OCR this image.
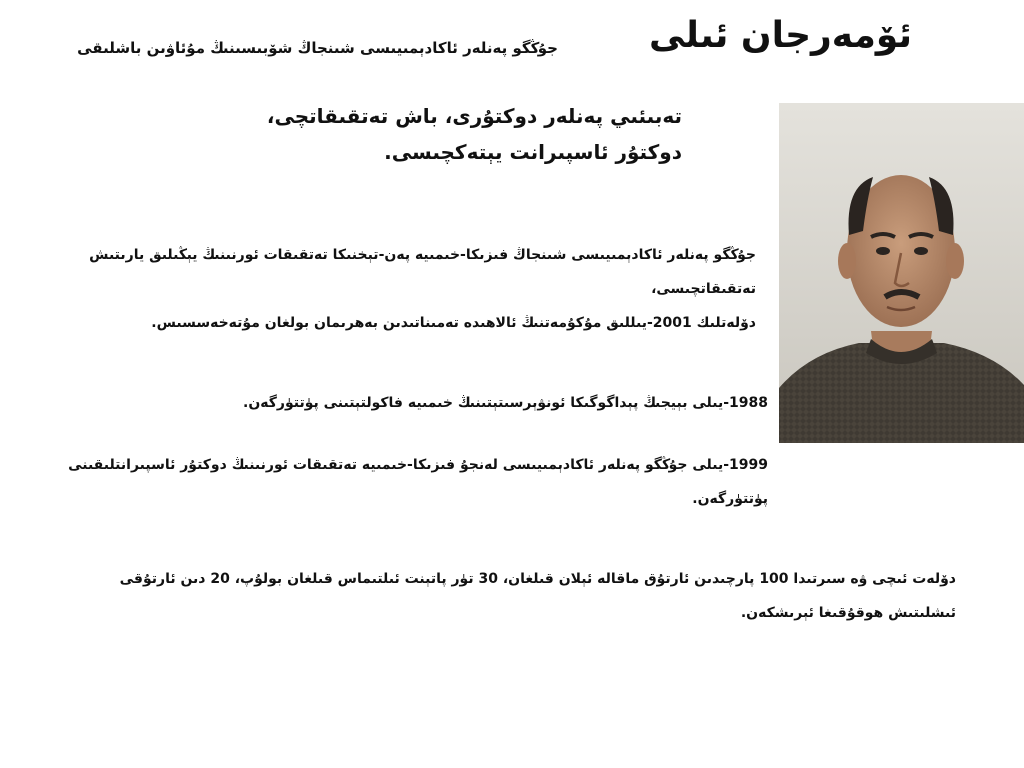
ئۆمەرجان ئىلى
جۇڭگو پەنلەر ئاكادېمىيىسى شىنجاڭ شۆبىسىنىڭ مۇئاۋىن باشلىقى
تەبىئىي پەنلەر دوكتۇرى، باش تەتقىقاتچى،
دوكتۇر ئاسپىرانت يېتەكچىسى.

جۇڭگو پەنلەر ئاكادېمىيىسى شىنجاڭ فىزىكا-خىمىيە پەن-تېخنىكا تەتقىقات ئورنىنىڭ يېڭىلىق يارىتىش تەتقىقاتچىسى،

دۆلەتلىك 2001-يىللىق مۇكۇمەتنىڭ ئالاھىدە تەمىناتىدىن بەھرىمان بولغان مۇتەخەسسىس.

1988-يىلى بېيجىڭ پېداگوگىكا ئونۋېرسىتېتىنىڭ خىمىيە فاكولتېتىنى پۈتتۈرگەن.

1999-يىلى جۇڭگو پەنلەر ئاكادېمىيىسى لەنجۇ فىزىكا-خىمىيە تەتقىقات ئورنىنىڭ دوكتۇر ئاسپىرانتلىقىنى پۈتتۈرگەن.

دۆلەت ئىچى ۋە سىرتىدا 100 پارچىدىن ئارتۇق ماقالە ئېلان قىلغان، 30 تۈر پاتېنت ئىلتىماس قىلغان بولۇپ، 20 دىن ئارتۇقى ئىشلىتىش هوقۇقىغا ئېرىشكەن.
